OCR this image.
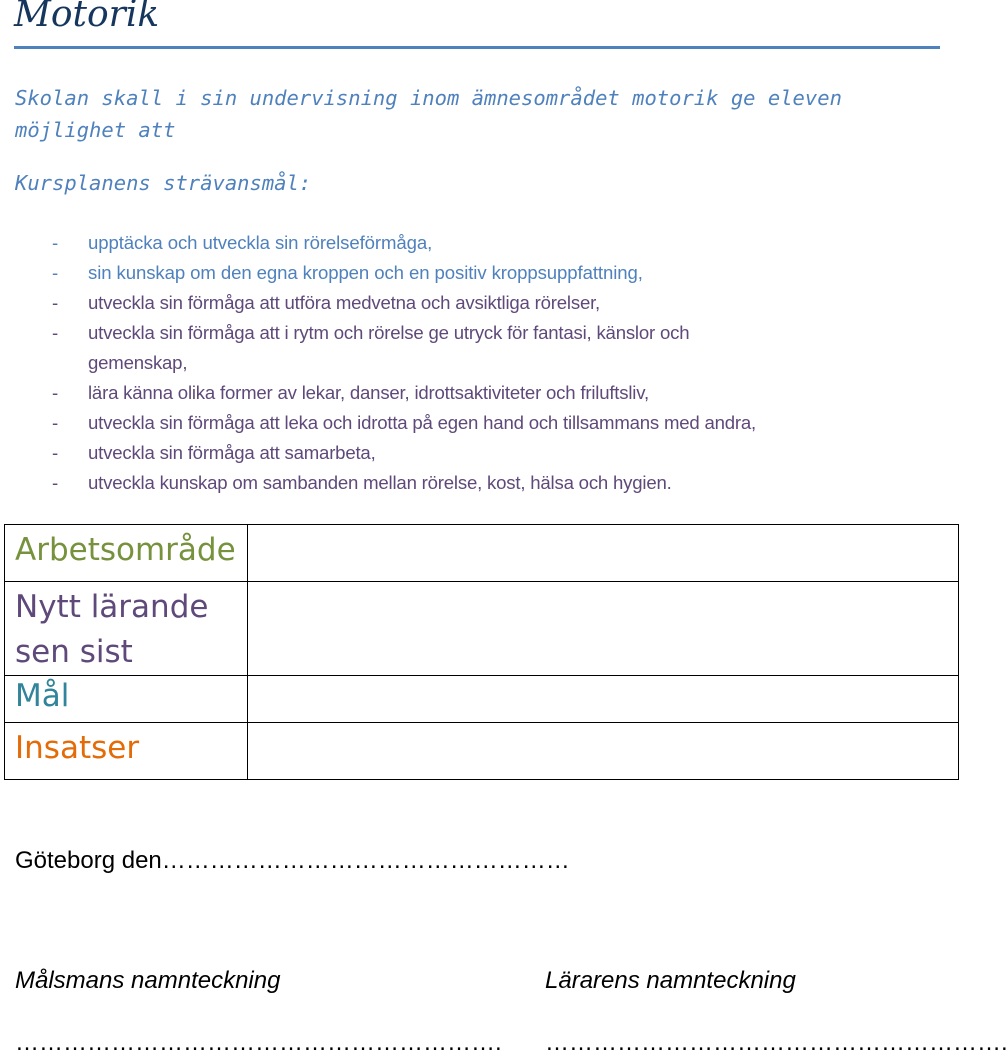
Motorik
Skolan skall i sin undervisning inom ämnesområdet motorik ge eleven möjlighet att
Kursplanens strävansmål:
- upptäcka och utveckla sin rörelseförmåga,
- sin kunskap om den egna kroppen och en positiv kroppsuppfattning,
- utveckla sin förmåga att utföra medvetna och avsiktliga rörelser,
- utveckla sin förmåga att i rytm och rörelse ge utryck för fantasi, känslor och
gemenskap,
- lära känna olika former av lekar, danser, idrottsaktiviteter och friluftsliv,
- utveckla sin förmåga att leka och idrotta på egen hand och tillsammans med andra,
- utveckla sin förmåga att samarbeta,
- utveckla kunskap om sambanden mellan rörelse, kost, hälsa och hygien.
Arbetsområde	

Nytt lärande
sen sist	

Mål	

Insatser	

Göteborg den……………………………………………
Målsmans namnteckning	Lärarens namnteckning
……………………………………………………. ………………………………………………….
